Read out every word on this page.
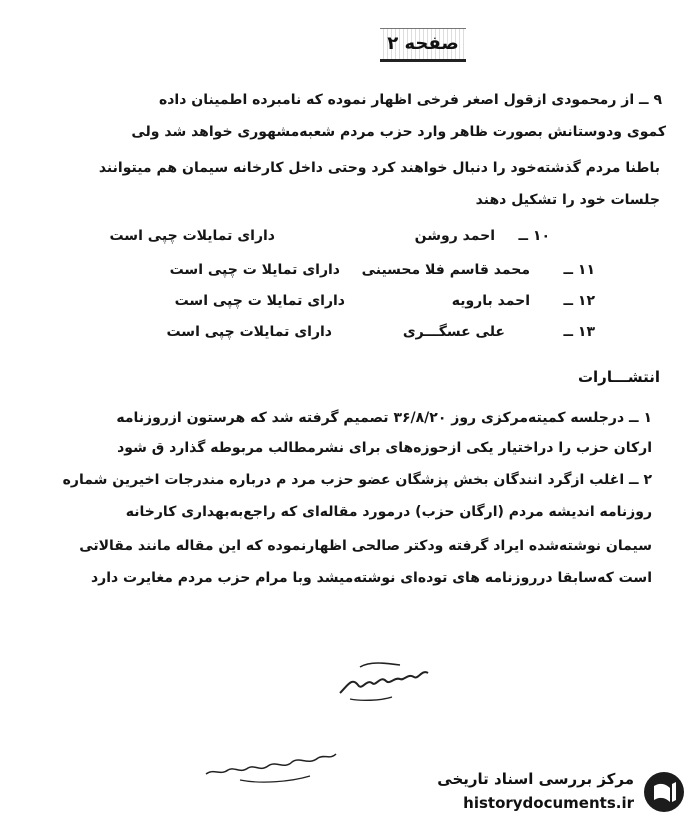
صفحه ۲
۹ ــ از رمحمودی ازقول اصغر فرخی اظهار نموده که نامبرده اطمینان داده
کموی ودوستانش بصورت ظاهر وارد حزب مردم شعبه‌مشهوری خواهد شد ولی
باطنا مردم گذشته‌خود را دنبال خواهند کرد وحتی داخل کارخانه سیمان هم میتوانند
جلسات خود را تشکیل دهند
۱۰ ــ
احمد روشن
دارای تمایلات چپی است
۱۱ ــ
محمد قاسم فلا محسینی
دارای تمایلا ت چپی است
۱۲ ــ
احمد بارویه
دارای تمایلا ت چپی است
۱۳ ــ
علی عسگـــری
دارای تمایلات چپی است
انتشـــارات
۱ ــ درجلسه کمیته‌مرکزی روز ۳۶/۸/۲۰ تصمیم گرفته شد که هرستون ازروزنامه
ارکان حزب را دراختیار یکی ازحوزه‌های برای نشرمطالب مربوطه گذارد ق شود
۲ ــ اغلب ازگرد انندگان بخش پزشگان عضو حزب مرد م درباره مندرجات اخیرین شماره
روزنامه اندیشه مردم (ارگان حزب) درمورد مقاله‌ای که راجع‌به‌بهداری کارخانه
سیمان نوشته‌شده ایراد گرفته ودکتر صالحی اظهارنموده که این مقاله مانند مقالاتی
است که‌سابقا درروزنامه های توده‌ای نوشته‌میشد وبا مرام حزب مردم مغایرت دارد
مرکز بررسی اسناد تاریخی
historydocuments.ir
